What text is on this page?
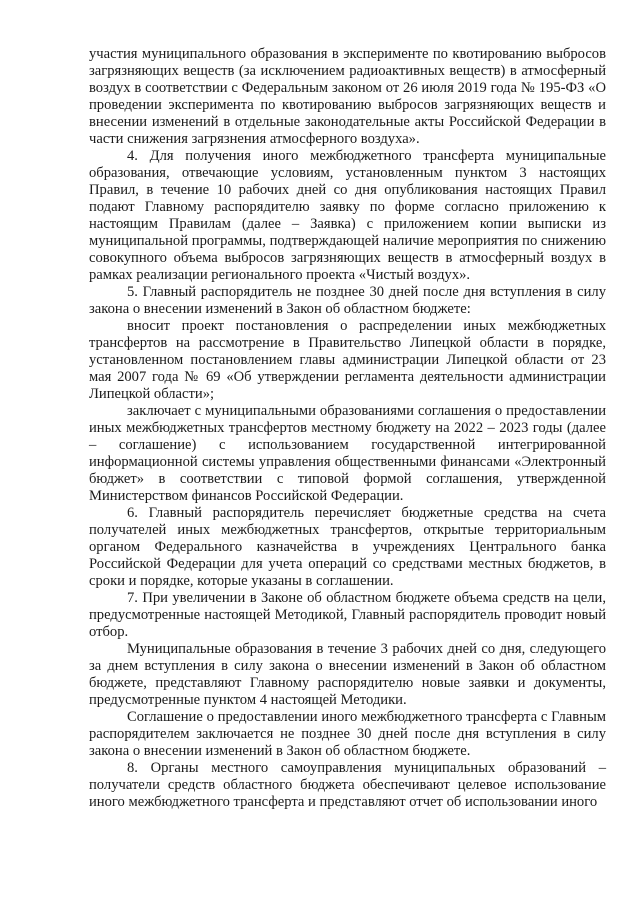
участия муниципального образования в эксперименте по квотированию выбросов загрязняющих веществ (за исключением радиоактивных веществ) в атмосферный воздух в соответствии с Федеральным законом от 26 июля 2019 года № 195-ФЗ «О проведении эксперимента по квотированию выбросов загрязняющих веществ и внесении изменений в отдельные законодательные акты Российской Федерации в части снижения загрязнения атмосферного воздуха».

4. Для получения иного межбюджетного трансферта муниципальные образования, отвечающие условиям, установленным пунктом 3 настоящих Правил, в течение 10 рабочих дней со дня опубликования настоящих Правил подают Главному распорядителю заявку по форме согласно приложению к настоящим Правилам (далее – Заявка) с приложением копии выписки из муниципальной программы, подтверждающей наличие мероприятия по снижению совокупного объема выбросов загрязняющих веществ в атмосферный воздух в рамках реализации регионального проекта «Чистый воздух».

5. Главный распорядитель не позднее 30 дней после дня вступления в силу закона о внесении изменений в Закон об областном бюджете:

вносит проект постановления о распределении иных межбюджетных трансфертов на рассмотрение в Правительство Липецкой области в порядке, установленном постановлением главы администрации Липецкой области от 23 мая 2007 года № 69 «Об утверждении регламента деятельности администрации Липецкой области»;

заключает с муниципальными образованиями соглашения о предоставлении иных межбюджетных трансфертов местному бюджету на 2022 – 2023 годы (далее – соглашение) с использованием государственной интегрированной информационной системы управления общественными финансами «Электронный бюджет» в соответствии с типовой формой соглашения, утвержденной Министерством финансов Российской Федерации.

6. Главный распорядитель перечисляет бюджетные средства на счета получателей иных межбюджетных трансфертов, открытые территориальным органом Федерального казначейства в учреждениях Центрального банка Российской Федерации для учета операций со средствами местных бюджетов, в сроки и порядке, которые указаны в соглашении.

7. При увеличении в Законе об областном бюджете объема средств на цели, предусмотренные настоящей Методикой, Главный распорядитель проводит новый отбор.

Муниципальные образования в течение 3 рабочих дней со дня, следующего за днем вступления в силу закона о внесении изменений в Закон об областном бюджете, представляют Главному распорядителю новые заявки и документы, предусмотренные пунктом 4 настоящей Методики.

Соглашение о предоставлении иного межбюджетного трансферта с Главным распорядителем заключается не позднее 30 дней после дня вступления в силу закона о внесении изменений в Закон об областном бюджете.

8. Органы местного самоуправления муниципальных образований – получатели средств областного бюджета обеспечивают целевое использование иного межбюджетного трансферта и представляют отчет об использовании иного
